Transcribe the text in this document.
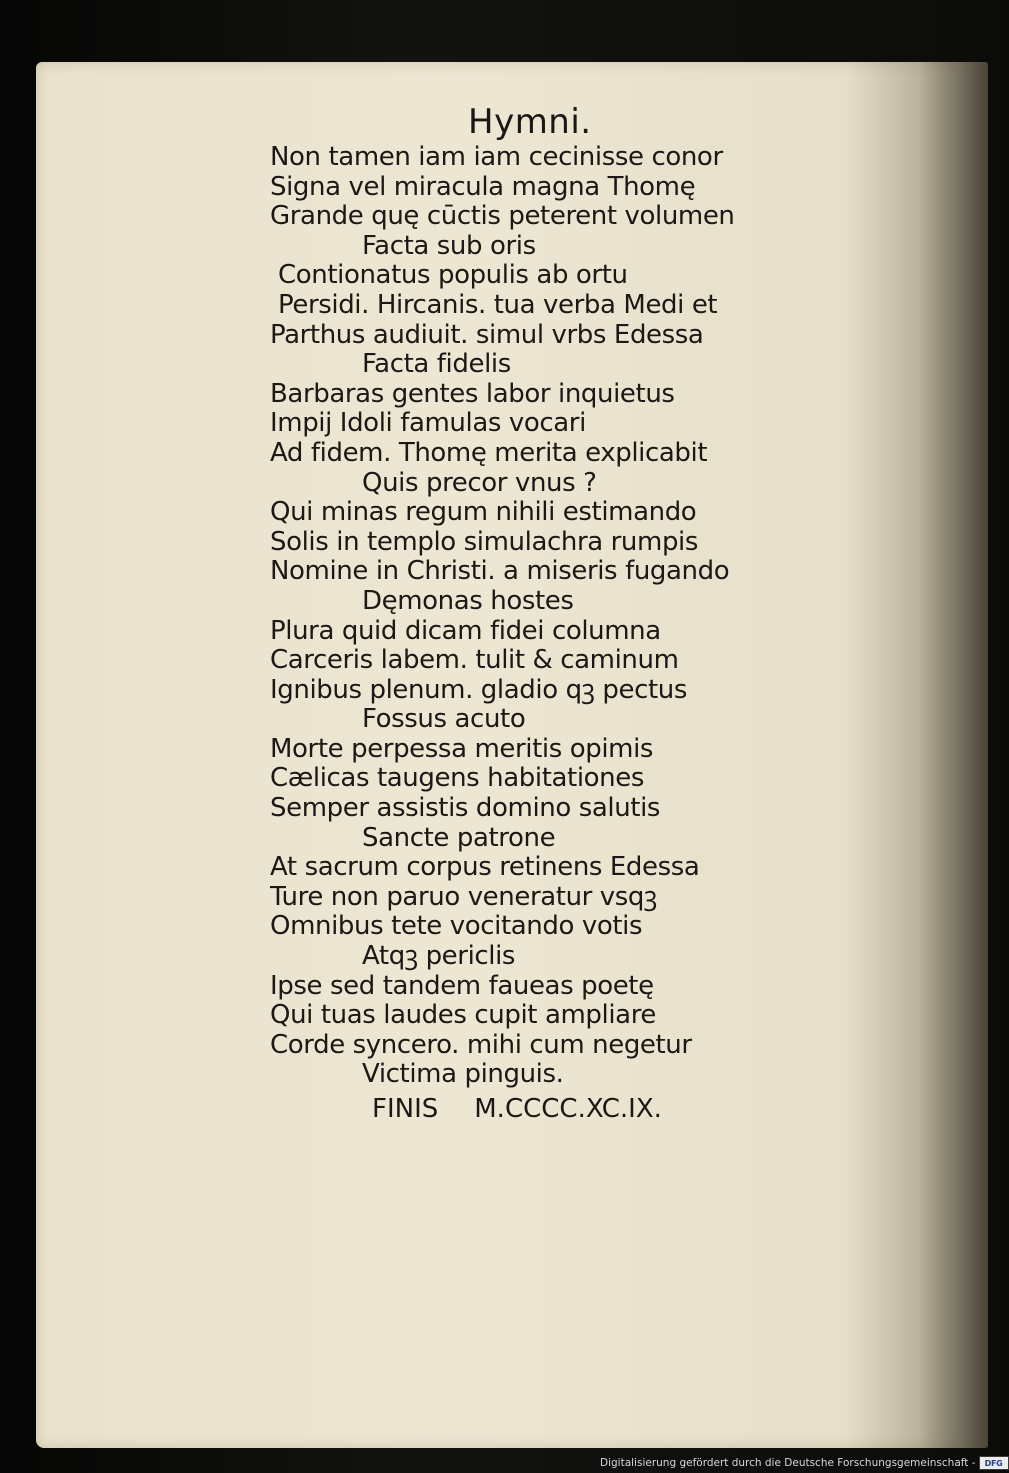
Hymni.
Non tamen iam iam cecinisse conor
Signa vel miracula magna Thomę
Grande quę cūctis peterent volumen
Facta sub oris
Contionatus populis ab ortu
Persidi. Hircanis. tua verba Medi et
Parthus audiuit. simul vrbs Edessa
Facta fidelis
Barbaras gentes labor inquietus
Impij Idoli famulas vocari
Ad fidem. Thomę merita explicabit
Quis precor vnus ?
Qui minas regum nihili estimando
Solis in templo simulachra rumpis
Nomine in Christi. a miseris fugando
Dęmonas hostes
Plura quid dicam fidei columna
Carceris labem. tulit & caminum
Ignibus plenum. gladio qꝫ pectus
Fossus acuto
Morte perpessa meritis opimis
Cælicas taugens habitationes
Semper assistis domino salutis
Sancte patrone
At sacrum corpus retinens Edessa
Ture non paruo veneratur vsqꝫ
Omnibus tete vocitando votis
Atqꝫ periclis
Ipse sed tandem faueas poetę
Qui tuas laudes cupit ampliare
Corde syncero. mihi cum negetur
Victima pinguis.
FINIS M.CCCC.XC.IX.
Digitalisierung gefördert durch die Deutsche Forschungsgemeinschaft -	DFG
